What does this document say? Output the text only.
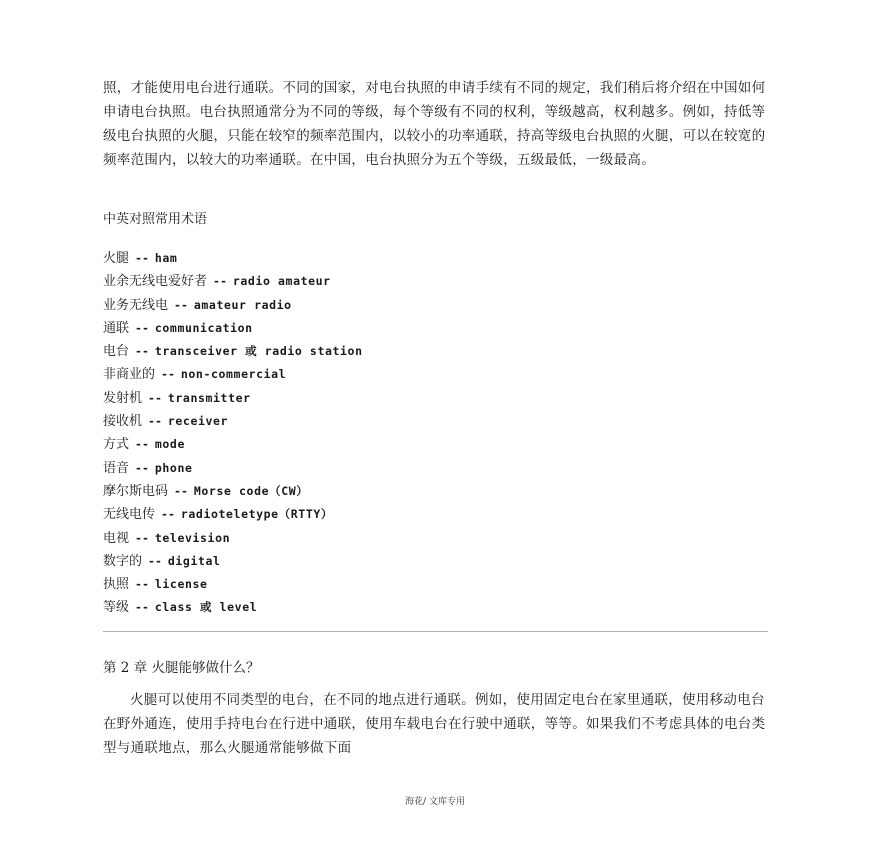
照，才能使用电台进行通联。不同的国家，对电台执照的申请手续有不同的规定，我们稍后将介绍在中国如何申请电台执照。电台执照通常分为不同的等级，每个等级有不同的权利，等级越高，权利越多。例如，持低等级电台执照的火腿，只能在较窄的频率范围内，以较小的功率通联，持高等级电台执照的火腿，可以在较宽的频率范围内，以较大的功率通联。在中国，电台执照分为五个等级，五级最低，一级最高。

中英对照常用术语
火腿 -- ham
业余无线电爱好者 -- radio amateur
业务无线电 -- amateur radio
通联 -- communication
电台 -- transceiver 或 radio station
非商业的 -- non-commercial
发射机 -- transmitter
接收机 -- receiver
方式 -- mode
语音 -- phone
摩尔斯电码 -- Morse code（CW）
无线电传 -- radioteletype（RTTY）
电视 -- television
数字的 -- digital
执照 -- license
等级 -- class 或 level
第 2 章 火腿能够做什么？

火腿可以使用不同类型的电台，在不同的地点进行通联。例如，使用固定电台在家里通联，使用移动电台在野外通连，使用手持电台在行进中通联，使用车载电台在行驶中通联，等等。如果我们不考虑具体的电台类型与通联地点，那么火腿通常能够做下面

海花/ 文库专用
